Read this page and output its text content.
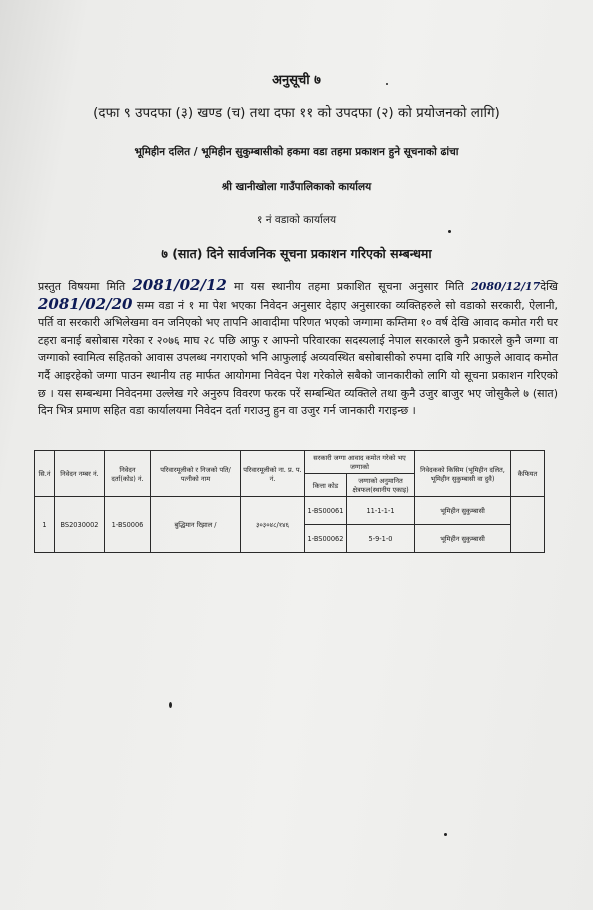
अनुसूची ७
(दफा ९ उपदफा (३) खण्ड (च) तथा दफा ११ को उपदफा (२) को प्रयोजनको लागि)
भूमिहीन दलित / भूमिहीन सुकुम्बासीको हकमा वडा तहमा प्रकाशन हुने सूचनाको ढांचा
श्री खानीखोला गाउँपालिकाको कार्यालय
१ नं वडाको कार्यालय
७ (सात) दिने सार्वजनिक सूचना प्रकाशन गरिएको सम्बन्धमा
प्रस्तुत विषयमा मिति 2081/02/12 मा यस स्थानीय तहमा प्रकाशित सूचना अनुसार मिति 2080/12/17देखि 2081/02/20 सम्म वडा नं १ मा पेश भएका निवेदन अनुसार देहाए अनुसारका व्यक्तिहरुले सो वडाको सरकारी, ऐलानी, पर्ति वा सरकारी अभिलेखमा वन जनिएको भए तापनि आवादीमा परिणत भएको जग्गामा कम्तिमा १० वर्ष देखि आवाद कमोत गरी घर टहरा बनाई बसोबास गरेका र २०७६ माघ २८ पछि आफु र आफ्नो परिवारका सदस्यलाई नेपाल सरकारले कुनै प्रकारले कुनै जग्गा वा जग्गाको स्वामित्व सहितको आवास उपलब्ध नगराएको भनि आफुलाई अव्यवस्थित बसोबासीको रुपमा दाबि गरि आफुले आवाद कमोत गर्दै आइरहेको जग्गा पाउन स्थानीय तह मार्फत आयोगमा निवेदन पेश गरेकोले सबैको जानकारीको लागि यो सूचना प्रकाशन गरिएको छ । यस सम्बन्धमा निवेदनमा उल्लेख गरे अनुरुप विवरण फरक परें सम्बन्धित व्यक्तिले तथा कुनै उजुर बाजुर भए जोसुकैले ७ (सात) दिन भित्र प्रमाण सहित वडा कार्यालयमा निवेदन दर्ता गराउनु हुन वा उजुर गर्न जानकारी गराइन्छ ।
सि.नं	निवेदन नम्बर नं.	निवेदन दर्ता(कोड) नं.	परिवारमूलीको र निजको पति/पत्नीको नाम	परिवारमूलीको ना. प्र. प. नं.	सरकारी जग्गा आवाद कमोत गरेको भए जग्गाको		निवेदकको किसिम (भूमिहीन दलित, भूमिहीन सुकुम्बासी वा दुवै)	कैफियत
					कित्ता कोड	जग्गाको अनुमानित क्षेत्रफल(स्थानीय एकाइ)		
1	BS2030002	1-BS0006	बुद्धिमान रिझाल /	३०३०४८/१४६	1-BS00061	11-1-1-1	भूमिहीन सुकुम्बासी	
					1-BS00062	5-9-1-0	भूमिहीन सुकुम्बासी	
